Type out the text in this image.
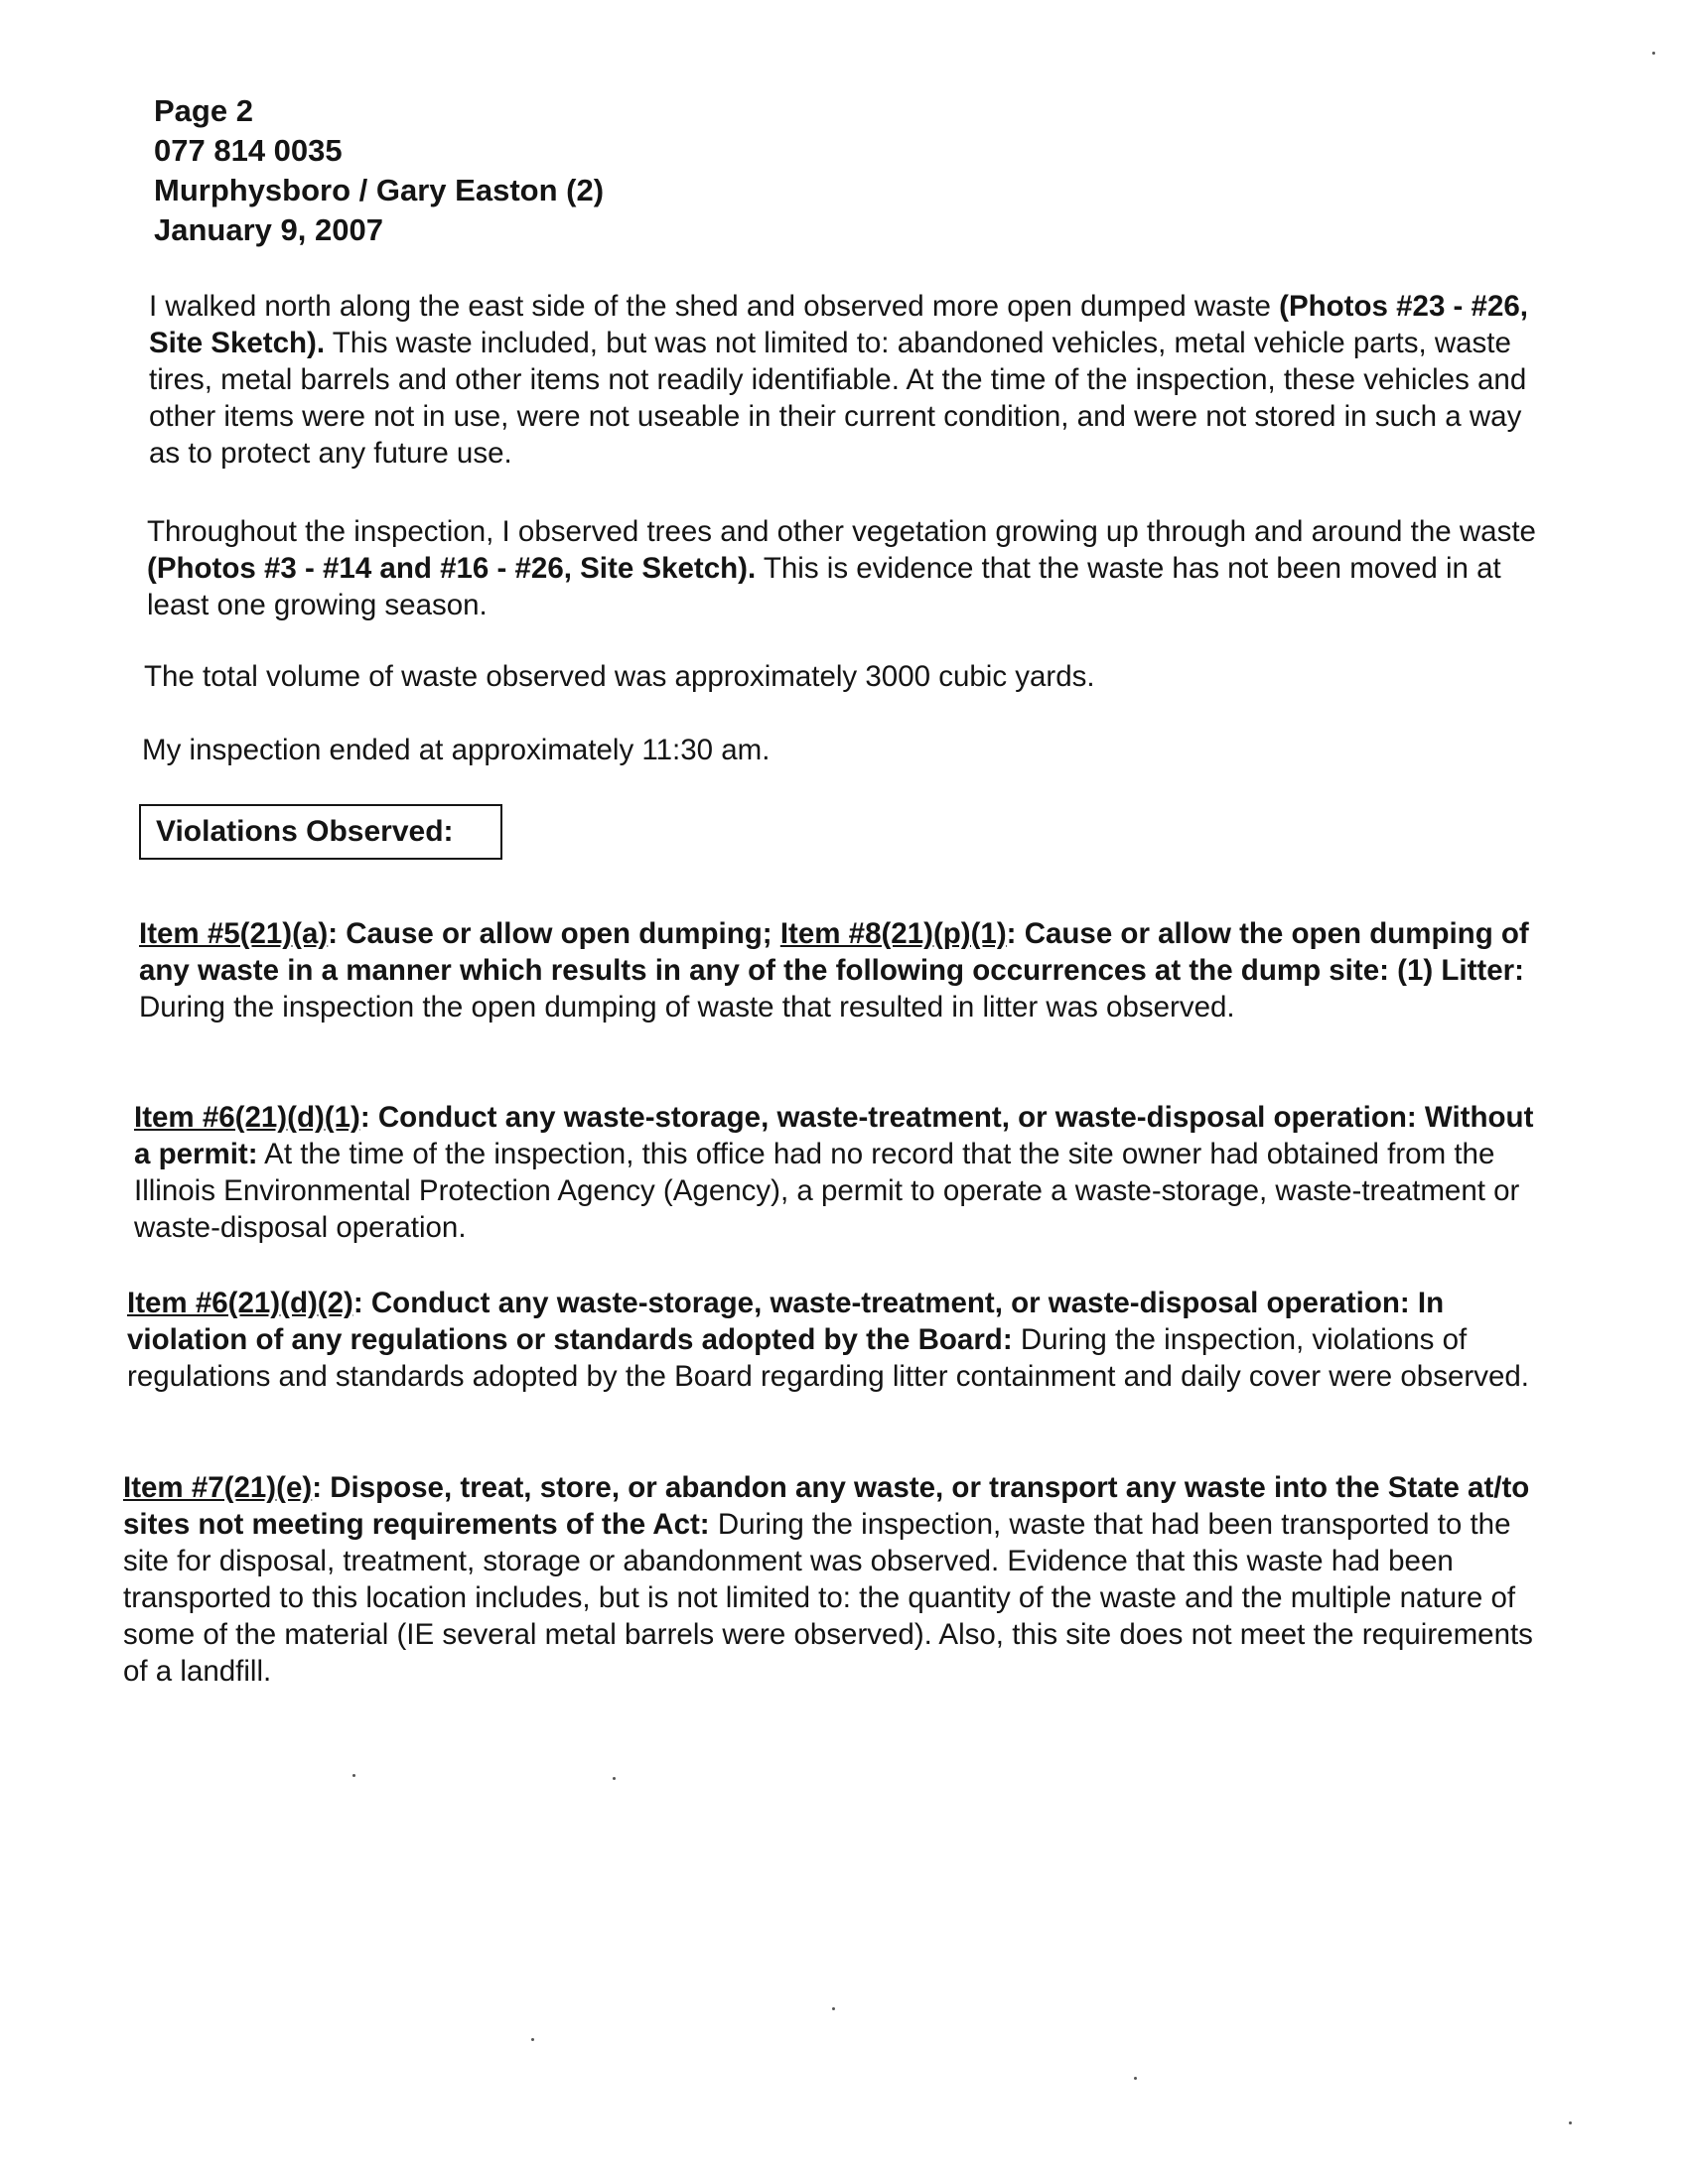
Page 2
077 814 0035
Murphysboro / Gary Easton (2)
January 9, 2007
I walked north along the east side of the shed and observed more open dumped waste (Photos #23 - #26, Site Sketch). This waste included, but was not limited to: abandoned vehicles, metal vehicle parts, waste tires, metal barrels and other items not readily identifiable. At the time of the inspection, these vehicles and other items were not in use, were not useable in their current condition, and were not stored in such a way as to protect any future use.
Throughout the inspection, I observed trees and other vegetation growing up through and around the waste (Photos #3 - #14 and #16 - #26, Site Sketch). This is evidence that the waste has not been moved in at least one growing season.
The total volume of waste observed was approximately 3000 cubic yards.
My inspection ended at approximately 11:30 am.
Violations Observed:
Item #5(21)(a): Cause or allow open dumping; Item #8(21)(p)(1): Cause or allow the open dumping of any waste in a manner which results in any of the following occurrences at the dump site: (1) Litter: During the inspection the open dumping of waste that resulted in litter was observed.
Item #6(21)(d)(1): Conduct any waste-storage, waste-treatment, or waste-disposal operation: Without a permit: At the time of the inspection, this office had no record that the site owner had obtained from the Illinois Environmental Protection Agency (Agency), a permit to operate a waste-storage, waste-treatment or waste-disposal operation.
Item #6(21)(d)(2): Conduct any waste-storage, waste-treatment, or waste-disposal operation: In violation of any regulations or standards adopted by the Board: During the inspection, violations of regulations and standards adopted by the Board regarding litter containment and daily cover were observed.
Item #7(21)(e): Dispose, treat, store, or abandon any waste, or transport any waste into the State at/to sites not meeting requirements of the Act: During the inspection, waste that had been transported to the site for disposal, treatment, storage or abandonment was observed. Evidence that this waste had been transported to this location includes, but is not limited to: the quantity of the waste and the multiple nature of some of the material (IE several metal barrels were observed). Also, this site does not meet the requirements of a landfill.
